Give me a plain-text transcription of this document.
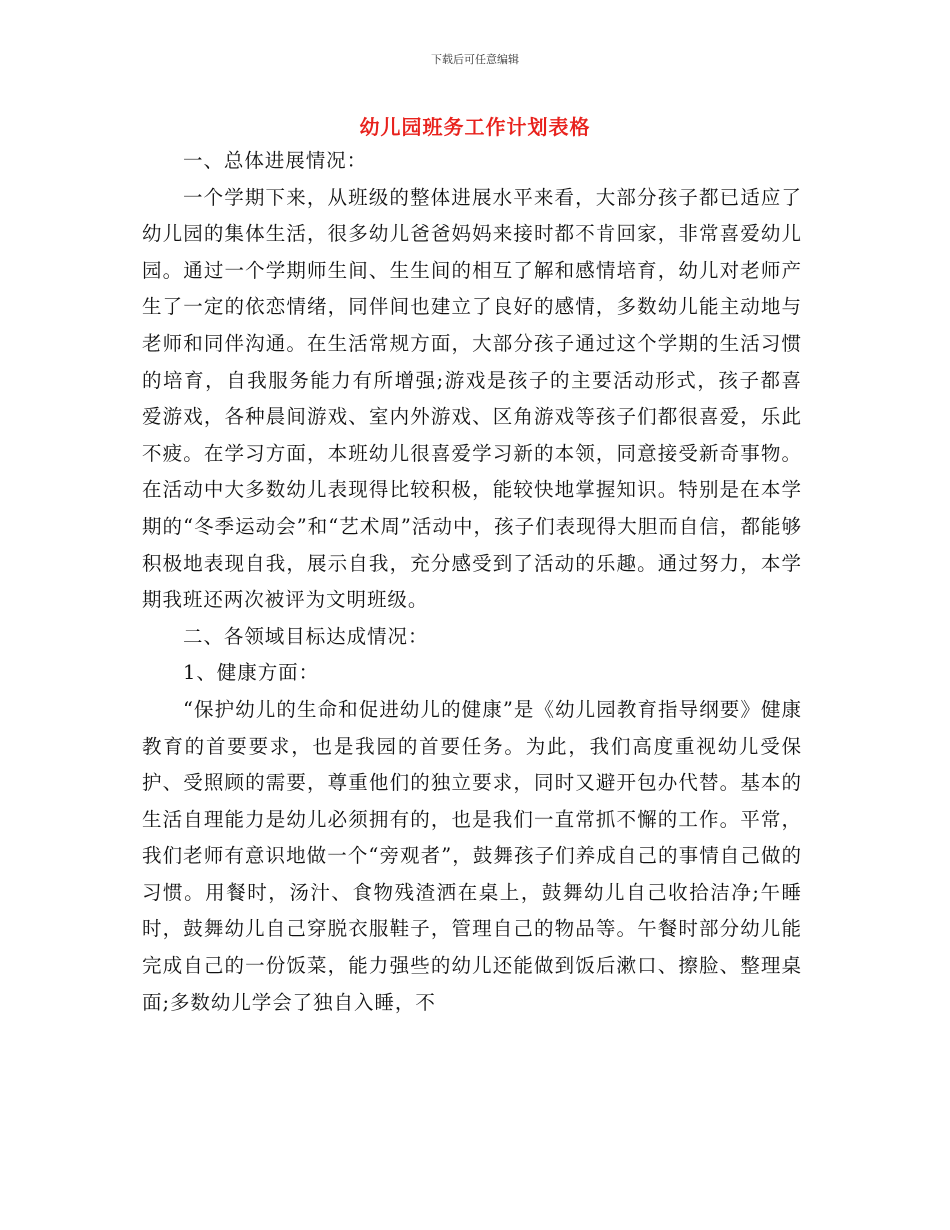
下载后可任意编辑
幼儿园班务工作计划表格

一、总体进展情况：

一个学期下来，从班级的整体进展水平来看，大部分孩子都已适应了幼儿园的集体生活，很多幼儿爸爸妈妈来接时都不肯回家，非常喜爱幼儿园。通过一个学期师生间、生生间的相互了解和感情培育，幼儿对老师产生了一定的依恋情绪，同伴间也建立了良好的感情，多数幼儿能主动地与老师和同伴沟通。在生活常规方面，大部分孩子通过这个学期的生活习惯的培育，自我服务能力有所增强;游戏是孩子的主要活动形式，孩子都喜爱游戏，各种晨间游戏、室内外游戏、区角游戏等孩子们都很喜爱，乐此不疲。在学习方面，本班幼儿很喜爱学习新的本领，同意接受新奇事物。在活动中大多数幼儿表现得比较积极，能较快地掌握知识。特别是在本学期的“冬季运动会”和“艺术周”活动中，孩子们表现得大胆而自信，都能够积极地表现自我，展示自我，充分感受到了活动的乐趣。通过努力，本学期我班还两次被评为文明班级。

二、各领域目标达成情况：

1、健康方面：

“保护幼儿的生命和促进幼儿的健康”是《幼儿园教育指导纲要》健康教育的首要要求，也是我园的首要任务。为此，我们高度重视幼儿受保护、受照顾的需要，尊重他们的独立要求，同时又避开包办代替。基本的生活自理能力是幼儿必须拥有的，也是我们一直常抓不懈的工作。平常，我们老师有意识地做一个“旁观者”，鼓舞孩子们养成自己的事情自己做的习惯。用餐时，汤汁、食物残渣洒在桌上，鼓舞幼儿自己收拾洁净;午睡时，鼓舞幼儿自己穿脱衣服鞋子，管理自己的物品等。午餐时部分幼儿能完成自己的一份饭菜，能力强些的幼儿还能做到饭后漱口、擦脸、整理桌面;多数幼儿学会了独自入睡，不
